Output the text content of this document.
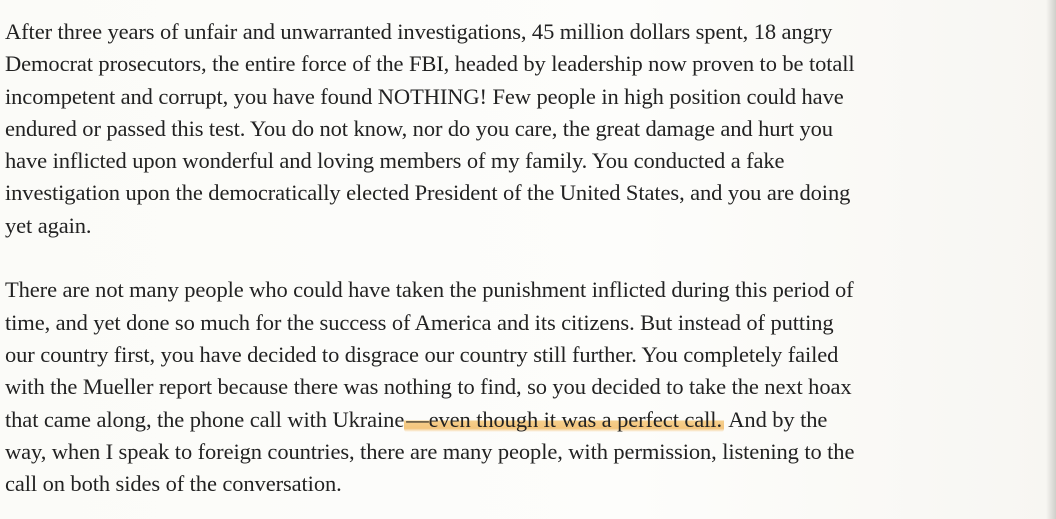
After three years of unfair and unwarranted investigations, 45 million dollars spent, 18 angry
Democrat prosecutors, the entire force of the FBI, headed by leadership now proven to be totall
incompetent and corrupt, you have found NOTHING! Few people in high position could have
endured or passed this test. You do not know, nor do you care, the great damage and hurt you
have inflicted upon wonderful and loving members of my family. You conducted a fake
investigation upon the democratically elected President of the United States, and you are doing
yet again.
There are not many people who could have taken the punishment inflicted during this period of
time, and yet done so much for the success of America and its citizens. But instead of putting
our country first, you have decided to disgrace our country still further. You completely failed
with the Mueller report because there was nothing to find, so you decided to take the next hoax
that came along, the phone call with Ukraine—even though it was a perfect call. And by the
way, when I speak to foreign countries, there are many people, with permission, listening to the
call on both sides of the conversation.
